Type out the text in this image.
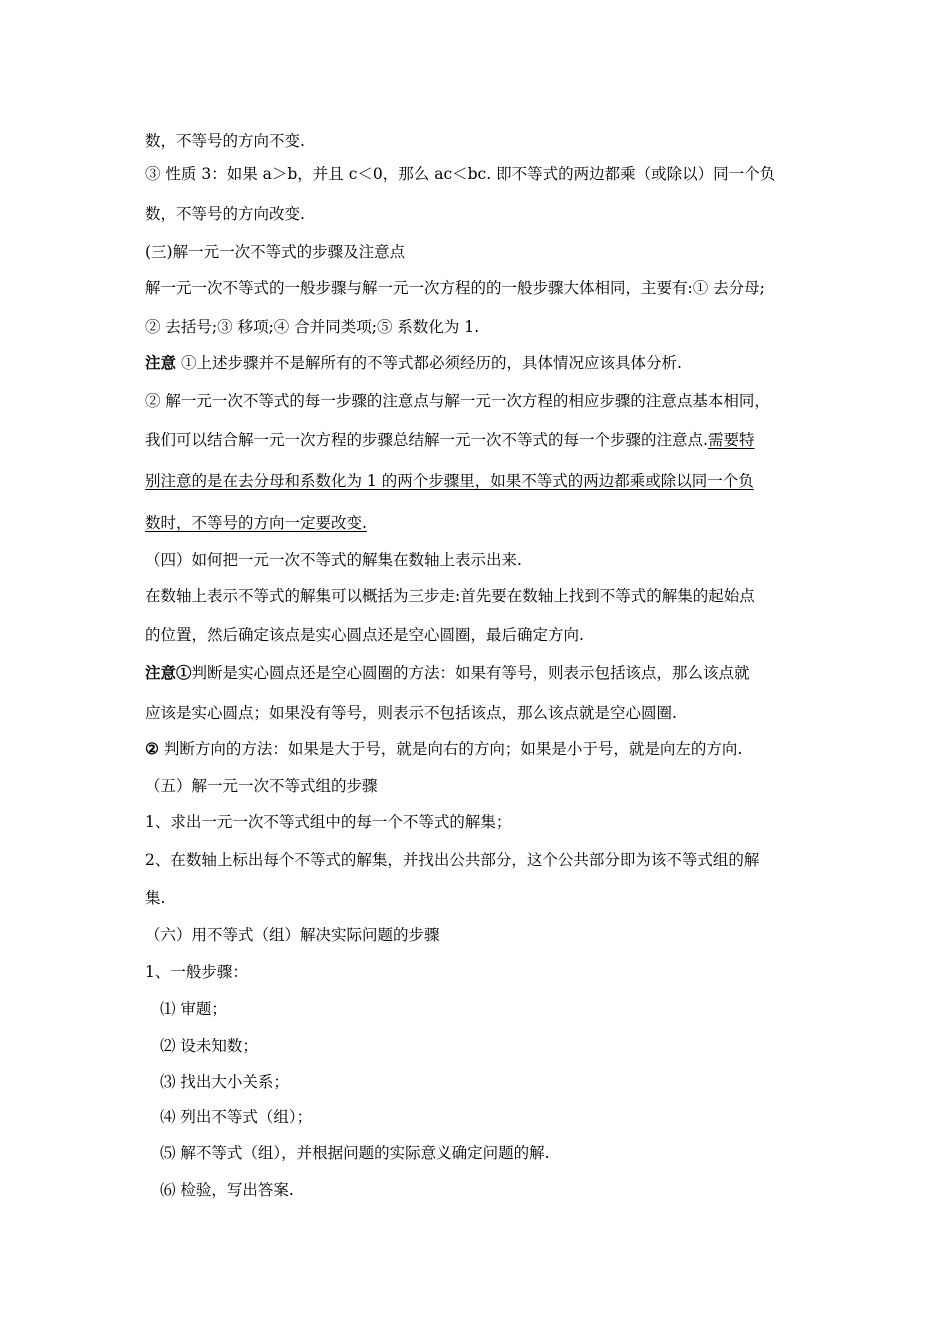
数，不等号的方向不变.
③ 性质 3：如果 a＞b，并且 c＜0，那么 ac＜bc. 即不等式的两边都乘（或除以）同一个负
数，不等号的方向改变.
(三)解一元一次不等式的步骤及注意点
解一元一次不等式的一般步骤与解一元一次方程的的一般步骤大体相同，主要有:① 去分母;
② 去括号;③ 移项;④ 合并同类项;⑤ 系数化为 1.
注意 ①上述步骤并不是解所有的不等式都必须经历的，具体情况应该具体分析.
② 解一元一次不等式的每一步骤的注意点与解一元一次方程的相应步骤的注意点基本相同，
我们可以结合解一元一次方程的步骤总结解一元一次不等式的每一个步骤的注意点.需要特
别注意的是在去分母和系数化为 1 的两个步骤里，如果不等式的两边都乘或除以同一个负
数时，不等号的方向一定要改变.
（四）如何把一元一次不等式的解集在数轴上表示出来.
在数轴上表示不等式的解集可以概括为三步走:首先要在数轴上找到不等式的解集的起始点
的位置，然后确定该点是实心圆点还是空心圆圈，最后确定方向.
注意①判断是实心圆点还是空心圆圈的方法：如果有等号，则表示包括该点，那么该点就
应该是实心圆点；如果没有等号，则表示不包括该点，那么该点就是空心圆圈.
② 判断方向的方法：如果是大于号，就是向右的方向；如果是小于号，就是向左的方向.
（五）解一元一次不等式组的步骤
1、求出一元一次不等式组中的每一个不等式的解集；
2、在数轴上标出每个不等式的解集，并找出公共部分，这个公共部分即为该不等式组的解
集.
（六）用不等式（组）解决实际问题的步骤
1、一般步骤：
⑴ 审题；
⑵ 设未知数；
⑶ 找出大小关系；
⑷ 列出不等式（组）；
⑸ 解不等式（组），并根据问题的实际意义确定问题的解.
⑹ 检验，写出答案.
